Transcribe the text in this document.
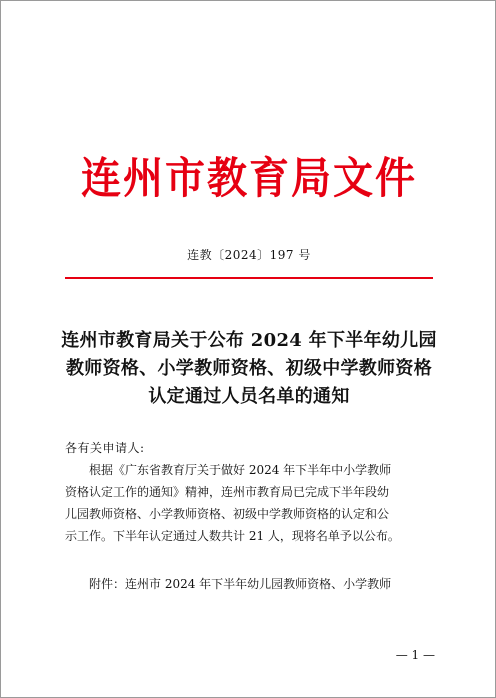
连州市教育局文件
连教〔2024〕197 号
连州市教育局关于公布 2024 年下半年幼儿园
教师资格、小学教师资格、初级中学教师资格
认定通过人员名单的通知
各有关申请人:
　　根据《广东省教育厅关于做好 2024 年下半年中小学教师
资格认定工作的通知》精神，连州市教育局已完成下半年段幼
儿园教师资格、小学教师资格、初级中学教师资格的认定和公
示工作。下半年认定通过人数共计 21 人，现将名单予以公布。
附件：连州市 2024 年下半年幼儿园教师资格、小学教师
— 1 —
